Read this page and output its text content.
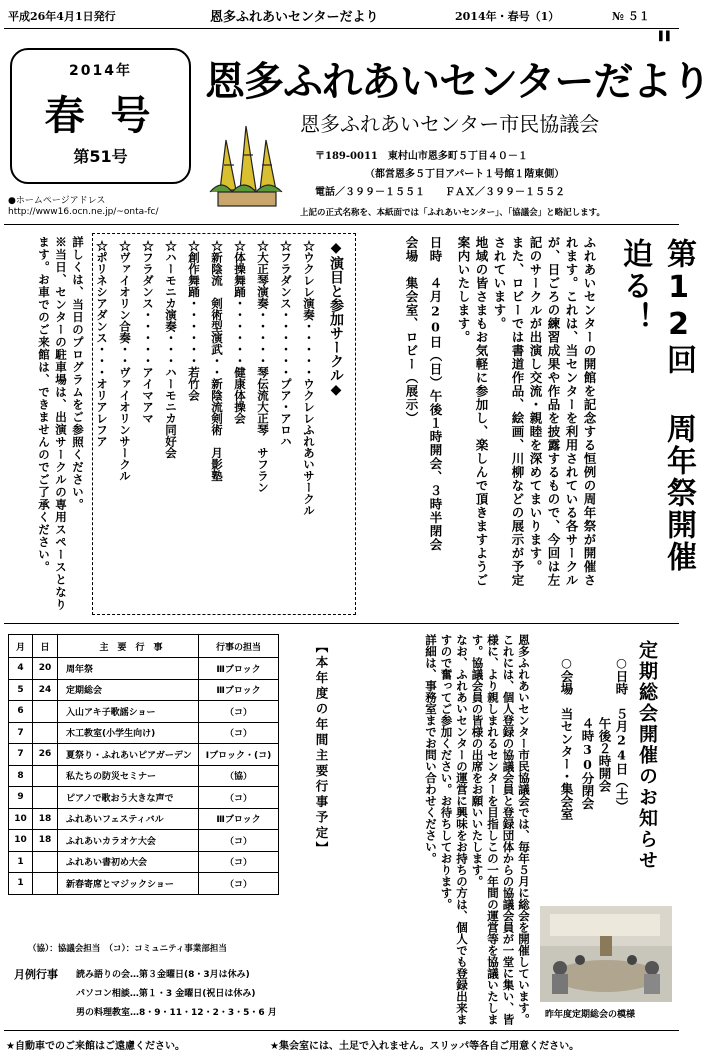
平成26年4月1日発行	恩多ふれあいセンターだより	2014年・春号（1）	№ ５１
▌▌
2014年
春 号
第51号
●ホームページアドレス
http://www16.ocn.ne.jp/~onta-fc/
恩多ふれあいセンターだより
恩多ふれあいセンター市民協議会
〒189-0011　東村山市恩多町５丁目４０－１
（都営恩多５丁目アパート１号館１階東側）
電話／３９９－１５５１　　ＦＡＸ／３９９－１５５２
上記の正式名称を、本紙面では「ふれあいセンター」、「協議会」と略記します。
第12回 周年祭開催迫る！

ふれあいセンターの開館を記念する恒例の周年祭が開催されます。これは、当センターを利用されている各サークルが、日ごろの練習成果や作品を披露するもので、今回は左記のサークルが出演し交流・親睦を深めてまいります。

また、ロビーでは書道作品、絵画、川柳などの展示が予定されています。

地域の皆さまもお気軽に参加し、楽しんで頂きますようご案内いたします。

日時　４月20日（日）午後１時開会、３時半閉会

会場　集会室、ロビー（展示）

◆演目と参加サークル◆
☆ウクレレ演奏・・・・・ウクレレふれあいサークル
☆フラダンス・・・・・・プア・アロハ
☆大正琴演奏・・・・・琴伝流大正琴　サフラン
☆体操舞踊・・・・・・健康体操会
☆新陰流　剣術型演武・・新陰流剣術　月影塾
☆創作舞踊・・・・・・若竹会
☆ハーモニカ演奏・・・ハーモニカ同好会
☆フラダンス・・・・・アイマアマ
☆ヴァイオリン合奏・・ヴァイオリンサークル
☆ポリネシアダンス・・・オリアレフア

詳しくは、当日のプログラムをご参照ください。

※当日、センターの駐車場は、出演サークルの専用スペースとなります。お車でのご来館は、できませんのでご了承ください。

月	日	主　要　行　事	行事の担当
4	20	周年祭	Ⅲブロック
5	24	定期総会	Ⅲブロック
6		入山アキ子歌謡ショー	（コ）
7		木工教室(小学生向け)	（コ）
7	26	夏祭り・ふれあいピアガーデン	Ⅰブロック・(コ)
8		私たちの防災セミナー	（協）
9		ピアノで歌おう大きな声で	（コ）
10	18	ふれあいフェスティバル	Ⅲブロック
10	18	ふれあいカラオケ大会	（コ）
1		ふれあい書初め大会	（コ）
1		新春寄席とマジックショー	（コ）
【本年度の年間主要行事予定】
（協）：協議会担当　（コ）：コミュニティ事業部担当
月例行事 読み語りの会…第３金曜日(8・3月は休み)
パソコン相談…第１・3 金曜日(祝日は休み)
男の料理教室…8・9・11・12・2・3・5・6 月
定期総会開催のお知らせ
○日時　５月24日（土）
午後２時開会
４時30分閉会
○会場　当センター・集会室

恩多ふれあいセンター市民協議会では、毎年５月に総会を開催しています。

これには、個人登録の協議会員と登録団体からの協議会員が一堂に集い、皆様に、より親しまれるセンターを目指しこの一年間の運営等を協議いたします。協議会員の皆様の出席をお願いいたします。

なお、ふれあいセンターの運営に興味をお持ちの方は、個人でも登録出来ますので奮ってご参加ください。お待ちしております。

詳細は、事務室までお問い合わせください。

昨年度定期総会の模様
★自動車でのご来館はご遠慮ください。	★集会室には、土足で入れません。スリッパ等各自ご用意ください。
